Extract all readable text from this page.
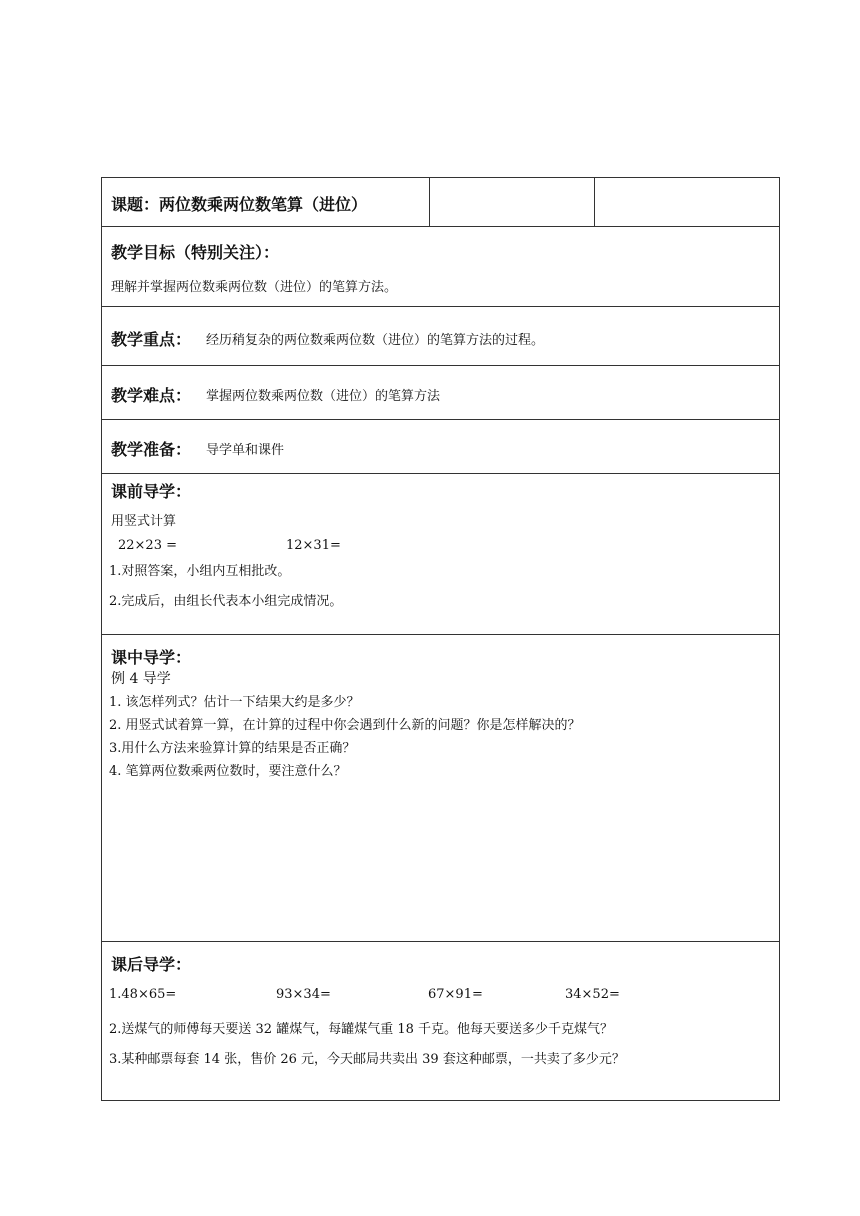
课题： 两位数乘两位数笔算（进位）

教学目标（特别关注）：
理解并掌握两位数乘两位数（进位）的笔算方法。

教学重点： 经历稍复杂的两位数乘两位数（进位）的笔算方法的过程。

教学难点： 掌握两位数乘两位数（进位）的笔算方法

教学准备： 导学单和课件

课前导学：
用竖式计算
22×23 =	12×31=
1.对照答案，小组内互相批改。
2.完成后，由组长代表本小组完成情况。

课中导学：
例 4 导学
1. 该怎样列式？估计一下结果大约是多少？
2. 用竖式试着算一算，在计算的过程中你会遇到什么新的问题？你是怎样解决的？
3.用什么方法来验算计算的结果是否正确？
4. 笔算两位数乘两位数时，要注意什么？

课后导学：
1.48×65=	93×34=	67×91=	34×52=
2.送煤气的师傅每天要送 32 罐煤气，每罐煤气重 18 千克。他每天要送多少千克煤气？
3.某种邮票每套 14 张，售价 26 元，今天邮局共卖出 39 套这种邮票，一共卖了多少元？
